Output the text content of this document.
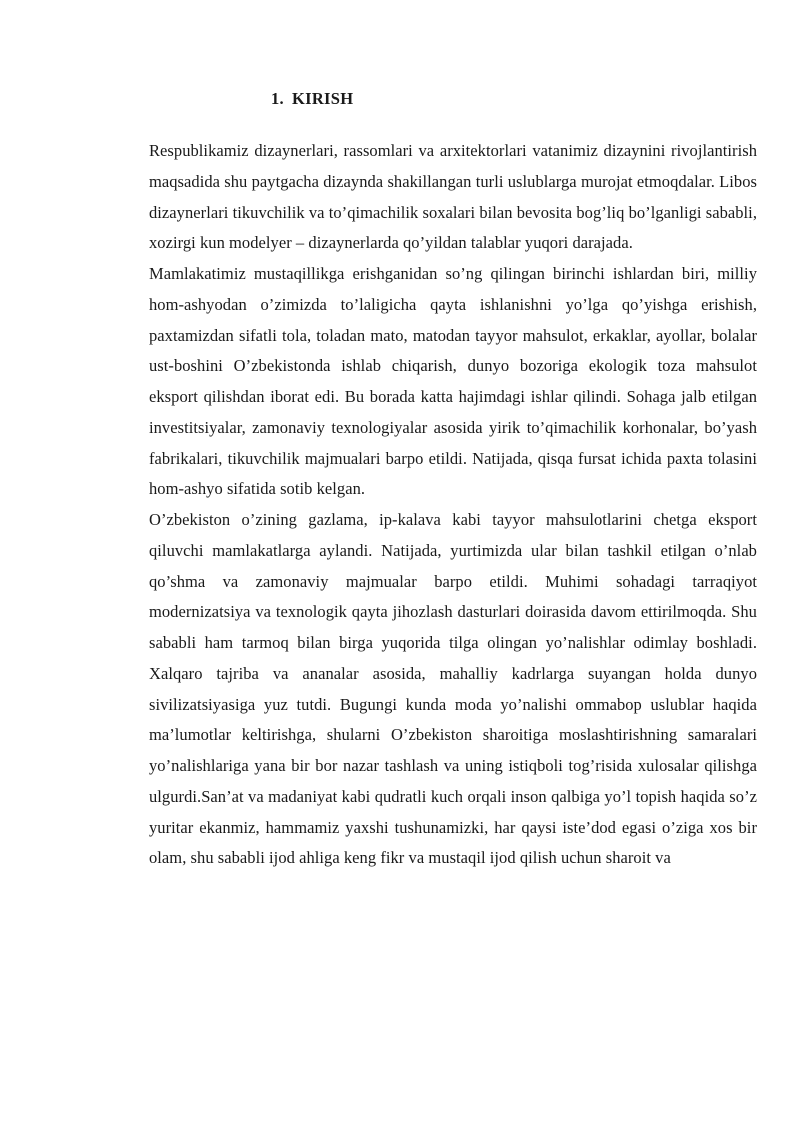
1. KIRISH

Respublikamiz dizaynerlari, rassomlari va arxitektorlari vatanimiz dizaynini rivojlantirish maqsadida shu paytgacha dizaynda shakillangan turli uslublarga murojat etmoqdalar. Libos dizaynerlari tikuvchilik va to’qimachilik soxalari bilan bevosita bog’liq bo’lganligi sababli, xozirgi kun modelyer – dizaynerlarda qo’yildan talablar yuqori darajada.

Mamlakatimiz mustaqillikga erishganidan so’ng qilingan birinchi ishlardan biri, milliy hom-ashyodan o’zimizda to’laligicha qayta ishlanishni yo’lga qo’yishga erishish, paxtamizdan sifatli tola, toladan mato, matodan tayyor mahsulot, erkaklar, ayollar, bolalar ust-boshini O’zbekistonda ishlab chiqarish, dunyo bozoriga ekologik toza mahsulot eksport qilishdan iborat edi. Bu borada katta hajimdagi ishlar qilindi. Sohaga jalb etilgan investitsiyalar, zamonaviy texnologiyalar asosida yirik to’qimachilik korhonalar, bo’yash fabrikalari, tikuvchilik majmualari barpo etildi. Natijada, qisqa fursat ichida paxta tolasini hom-ashyo sifatida sotib kelgan.

O’zbekiston o’zining gazlama, ip-kalava kabi tayyor mahsulotlarini chetga eksport qiluvchi mamlakatlarga aylandi. Natijada, yurtimizda ular bilan tashkil etilgan o’nlab qo’shma va zamonaviy majmualar barpo etildi. Muhimi sohadagi tarraqiyot modernizatsiya va texnologik qayta jihozlash dasturlari doirasida davom ettirilmoqda. Shu sababli ham tarmoq bilan birga yuqorida tilga olingan yo’nalishlar odimlay boshladi. Xalqaro tajriba va ananalar asosida, mahalliy kadrlarga suyangan holda dunyo sivilizatsiyasiga yuz tutdi. Bugungi kunda moda yo’nalishi ommabop uslublar haqida ma’lumotlar keltirishga, shularni O’zbekiston sharoitiga moslashtirishning samaralari yo’nalishlariga yana bir bor nazar tashlash va uning istiqboli tog’risida xulosalar qilishga ulgurdi.San’at va madaniyat kabi qudratli kuch orqali inson qalbiga yo’l topish haqida so’z yuritar ekanmiz, hammamiz yaxshi tushunamizki, har qaysi iste’dod egasi o’ziga xos bir olam, shu sababli ijod ahliga keng fikr va mustaqil ijod qilish uchun sharoit va
